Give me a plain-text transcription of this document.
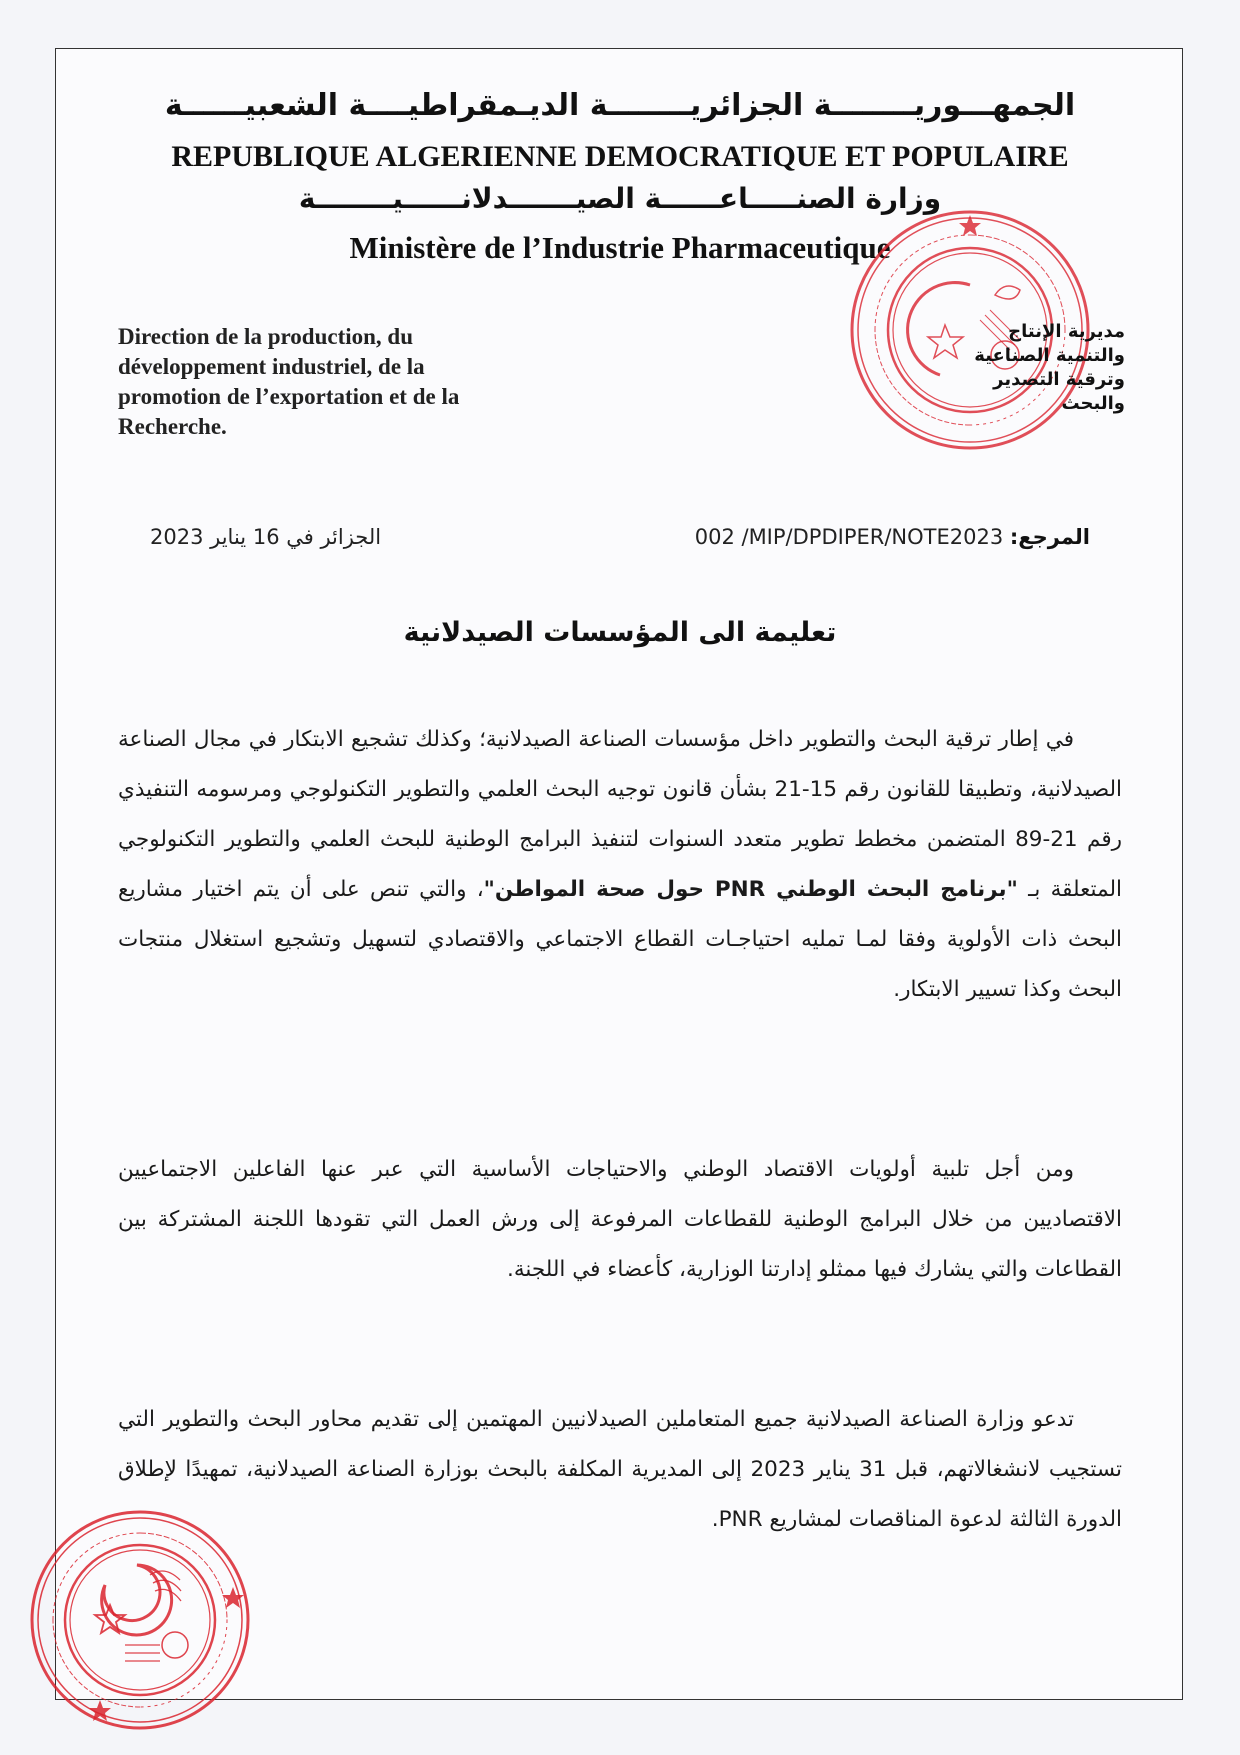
الجمهـــوريــــــــة الجزائريــــــــة الديـمقراطيــــة الشعبيــــــة
REPUBLIQUE ALGERIENNE DEMOCRATIQUE ET POPULAIRE
وزارة الصنـــــاعــــــة الصيـــــــدلانــــــيــــــــة
Ministère de l’Industrie Pharmaceutique
Direction de la production, du
développement industriel, de la
promotion de l’exportation et de la
Recherche.
مديرية الإنتاج
والتنمية الصناعية
وترقية التصدير
والبحث
المرجع: 002 /MIP/DPDIPER/NOTE2023
الجزائر في 16 يناير 2023
تعليمة الى المؤسسات الصيدلانية

في إطار ترقية البحث والتطوير داخل مؤسسات الصناعة الصيدلانية؛ وكذلك تشجيع الابتكار في مجال الصناعة الصيدلانية، وتطبيقا للقانون رقم 15-21 بشأن قانون توجيه البحث العلمي والتطوير التكنولوجي ومرسومه التنفيذي رقم 21-89 المتضمن مخطط تطوير متعدد السنوات لتنفيذ البرامج الوطنية للبحث العلمي والتطوير التكنولوجي المتعلقة بـ "برنامج البحث الوطني PNR حول صحة المواطن"، والتي تنص على أن يتم اختيار مشاريع البحث ذات الأولوية وفقا لمـا تمليه احتياجـات القطاع الاجتماعي والاقتصادي لتسهيل وتشجيع استغلال منتجات البحث وكذا تسيير الابتكار.

ومن أجل تلبية أولويات الاقتصاد الوطني والاحتياجات الأساسية التي عبر عنها الفاعلين الاجتماعيين الاقتصاديين من خلال البرامج الوطنية للقطاعات المرفوعة إلى ورش العمل التي تقودها اللجنة المشتركة بين القطاعات والتي يشارك فيها ممثلو إدارتنا الوزارية، كأعضاء في اللجنة.

تدعو وزارة الصناعة الصيدلانية جميع المتعاملين الصيدلانيين المهتمين إلى تقديم محاور البحث والتطوير التي تستجيب لانشغالاتهم، قبل 31 يناير 2023 إلى المديرية المكلفة بالبحث بوزارة الصناعة الصيدلانية، تمهيدًا لإطلاق الدورة الثالثة لدعوة المناقصات لمشاريع PNR.
